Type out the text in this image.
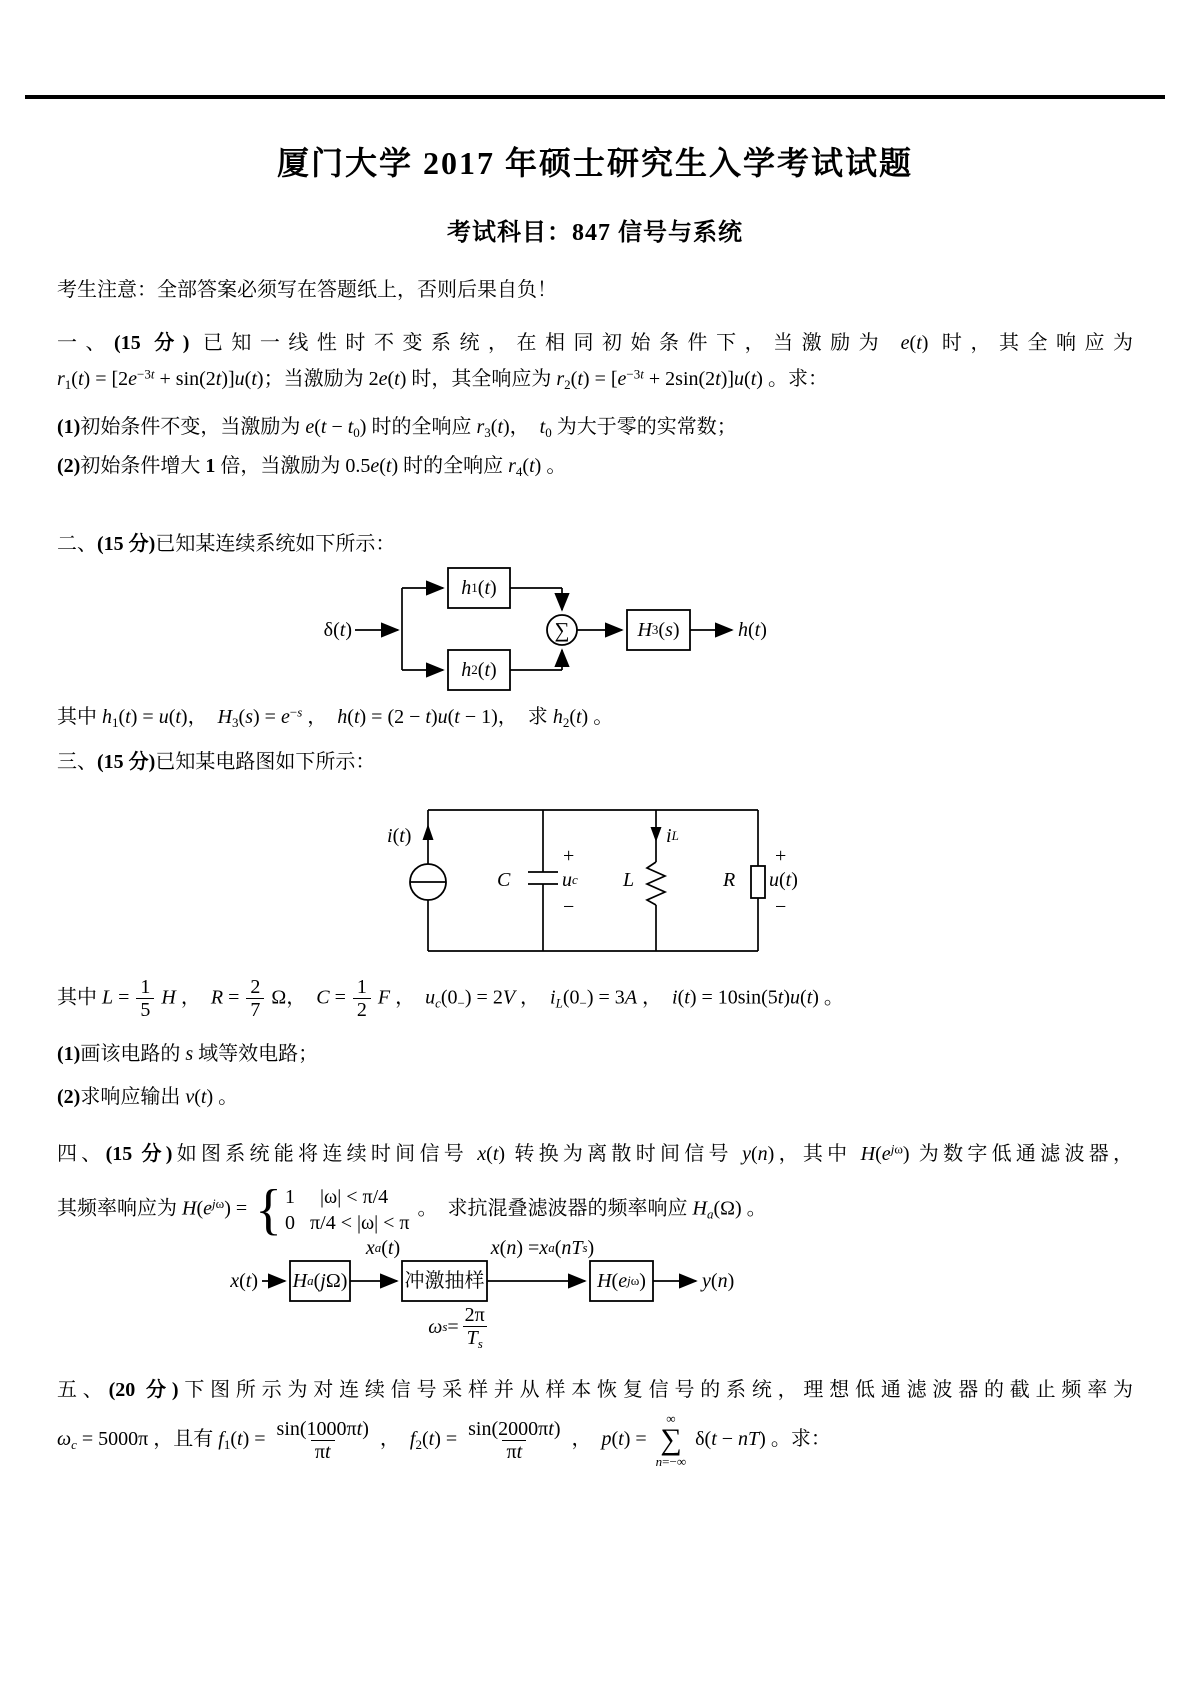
厦门大学 2017 年硕士研究生入学考试试题
考试科目：847 信号与系统
考生注意：全部答案必须写在答题纸上，否则后果自负！
一、(15 分) 已知一线性时不变系统，在相同初始条件下，当激励为 e(t) 时，其全响应为
$r_1(t) = [2e^{-3t} + \sin(2t)]u(t)$；当激励为 2e(t) 时，其全响应为 $r_2(t) = [e^{-3t} + 2\sin(2t)]u(t)$ 。求：
(1)初始条件不变，当激励为 $e(t - t_0)$ 时的全响应 $r_3(t)$， $t_0$ 为大于零的实常数；
(2)初始条件增大 1 倍，当激励为 0.5e(t) 时的全响应 $r_4(t)$ 。
二、(15 分)已知某连续系统如下所示：
δ( t )
h 1 ( t )
h 2 ( t )
∑	H 3 ( s )	h ( t )
其中 $h_1(t) = u(t)$， $H_3(s) = e^{-s}$ ， h(t) = (2 − t)u(t − 1)， 求 $h_2(t)$ 。
三、(15 分)已知某电路图如下所示：
i ( t )
C
+
u c
−
L
i L
R
+
u ( t )
−
其中 $L = \frac{1}{5}$ H ， $R = \frac{2}{7}$ Ω， $C = \frac{1}{2}$ F ， $u_c(0_-) = 2V$ ， $i_L(0_-) = 3A$ ， i(t) = 10sin(5t)u(t) 。
(1)画该电路的 s 域等效电路；
(2)求响应输出 v(t) 。
四、(15 分)如图系统能将连续时间信号 x(t) 转换为离散时间信号 y(n)，其中 $H(e^{j\omega})$ 为数字低通滤波器，
其频率响应为 $H(e^{j\omega})$ = { 1     |ω| < π/4
0   π/4 < |ω| < π
。 求抗混叠滤波器的频率响应 $H_a(\Omega)$ 。
x ( t ) H a ( j Ω)
x a ( t )
冲激抽样
x ( n ) = x a ( nT s )
H ( e jω )	y ( n )
ω $s = \frac{2\pi}{T_s}$
五、(20 分)下图所示为对连续信号采样并从样本恢复信号的系统，理想低通滤波器的截止频率为
$\omega_c = 5000\pi$ ，且有 $f_1(t) = \frac{\sin(1000\pi t)}{\pi t}$ ， $f_2(t) = \frac{\sin(2000\pi t)}{\pi t}$ ， p(t) =
∞
∑
n=−∞
δ(t − nT) 。求：
